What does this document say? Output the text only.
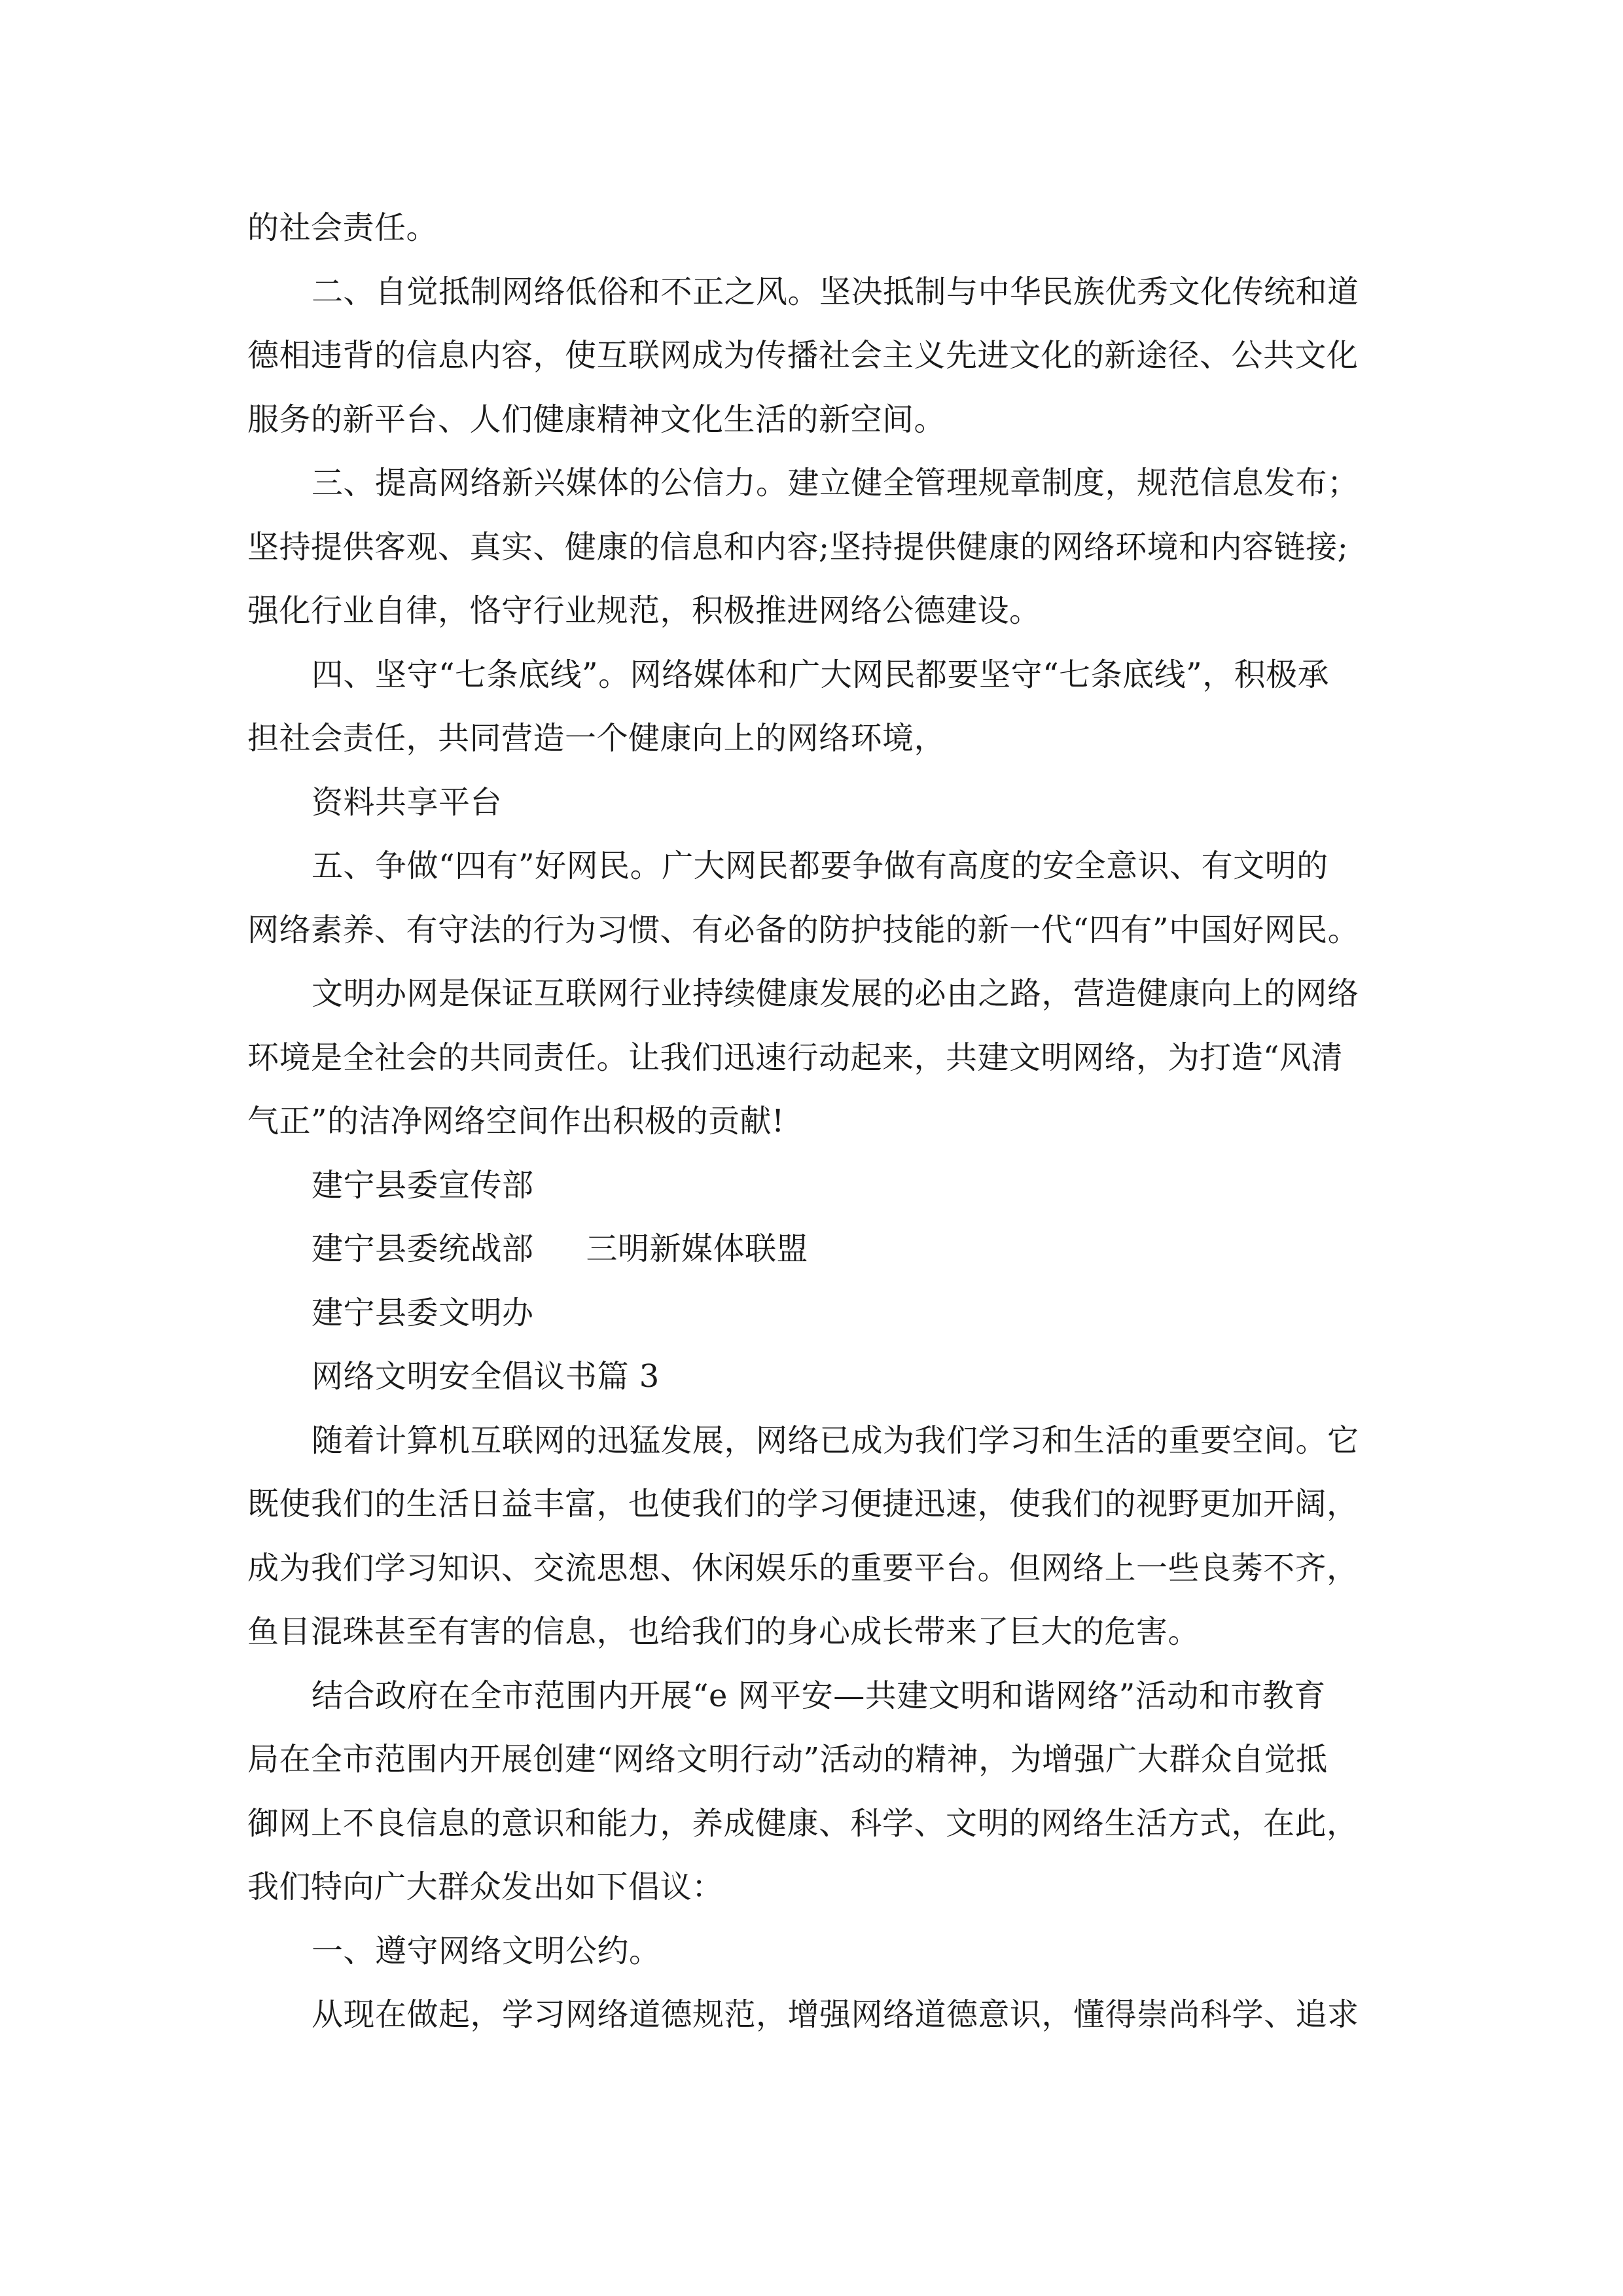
的社会责任。
二、自觉抵制网络低俗和不正之风。坚决抵制与中华民族优秀文化传统和道
德相违背的信息内容，使互联网成为传播社会主义先进文化的新途径、公共文化
服务的新平台、人们健康精神文化生活的新空间。
三、提高网络新兴媒体的公信力。建立健全管理规章制度，规范信息发布；
坚持提供客观、真实、健康的信息和内容;坚持提供健康的网络环境和内容链接;
强化行业自律，恪守行业规范，积极推进网络公德建设。
四、坚守“七条底线”。网络媒体和广大网民都要坚守“七条底线”，积极承
担社会责任，共同营造一个健康向上的网络环境，
资料共享平台
五、争做“四有”好网民。广大网民都要争做有高度的安全意识、有文明的
网络素养、有守法的行为习惯、有必备的防护技能的新一代“四有”中国好网民。
文明办网是保证互联网行业持续健康发展的必由之路，营造健康向上的网络
环境是全社会的共同责任。让我们迅速行动起来，共建文明网络，为打造“风清
气正”的洁净网络空间作出积极的贡献!
建宁县委宣传部
建宁县委统战部 三明新媒体联盟
建宁县委文明办
网络文明安全倡议书篇 3
随着计算机互联网的迅猛发展，网络已成为我们学习和生活的重要空间。它
既使我们的生活日益丰富，也使我们的学习便捷迅速，使我们的视野更加开阔，
成为我们学习知识、交流思想、休闲娱乐的重要平台。但网络上一些良莠不齐，
鱼目混珠甚至有害的信息，也给我们的身心成长带来了巨大的危害。
结合政府在全市范围内开展“e 网平安—共建文明和谐网络”活动和市教育
局在全市范围内开展创建“网络文明行动”活动的精神，为增强广大群众自觉抵
御网上不良信息的意识和能力，养成健康、科学、文明的网络生活方式，在此，
我们特向广大群众发出如下倡议：
一、遵守网络文明公约。
从现在做起，学习网络道德规范，增强网络道德意识，懂得崇尚科学、追求
